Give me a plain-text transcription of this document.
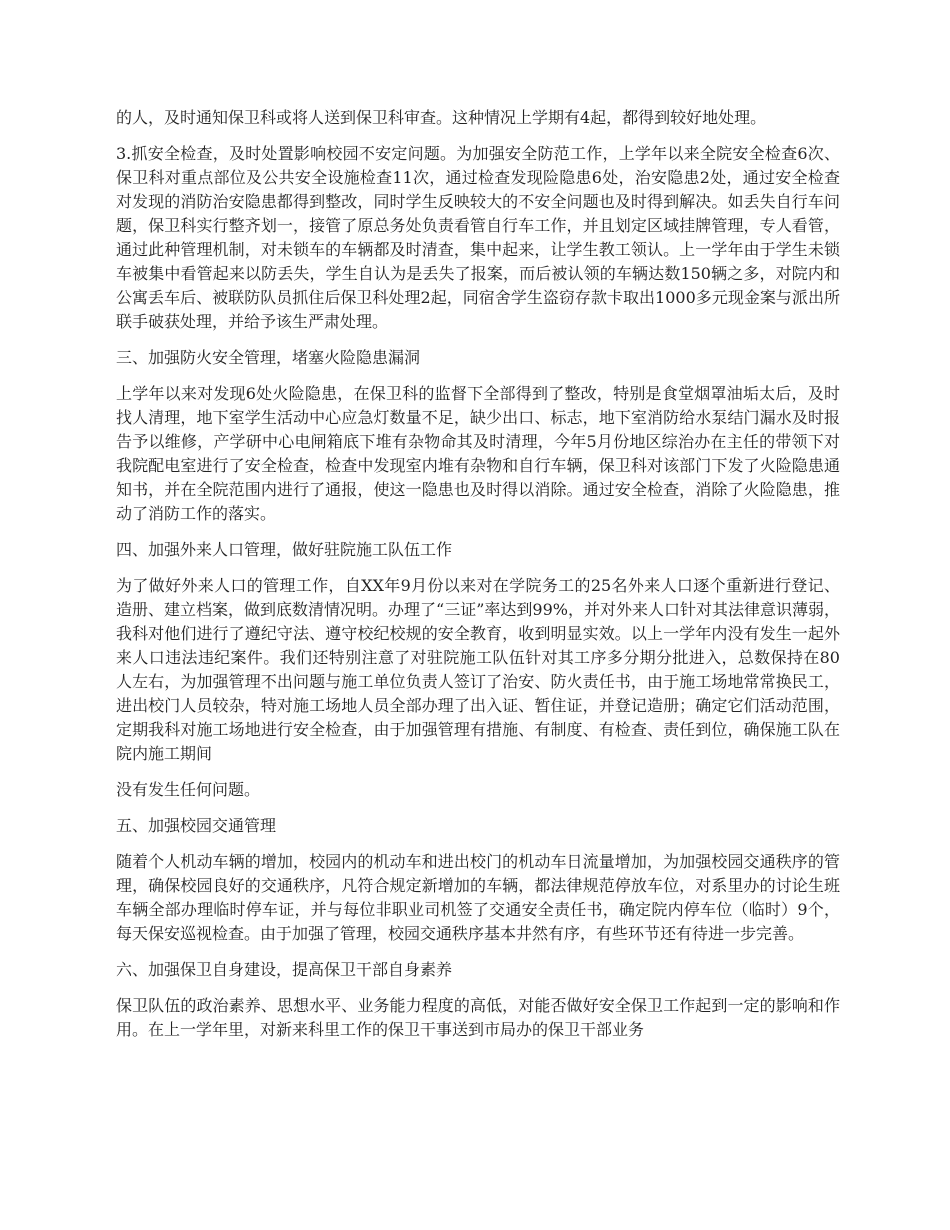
的人，及时通知保卫科或将人送到保卫科审查。这种情况上学期有4起，都得到较好地处理。

3.抓安全检查，及时处置影响校园不安定问题。为加强安全防范工作，上学年以来全院安全检查6次、保卫科对重点部位及公共安全设施检查11次，通过检查发现险隐患6处，治安隐患2处，通过安全检查对发现的消防治安隐患都得到整改，同时学生反映较大的不安全问题也及时得到解决。如丢失自行车问题，保卫科实行整齐划一，接管了原总务处负责看管自行车工作，并且划定区域挂牌管理，专人看管，通过此种管理机制，对未锁车的车辆都及时清查，集中起来，让学生教工领认。上一学年由于学生未锁车被集中看管起来以防丢失，学生自认为是丢失了报案，而后被认领的车辆达数150辆之多，对院内和公寓丢车后、被联防队员抓住后保卫科处理2起，同宿舍学生盗窃存款卡取出1000多元现金案与派出所联手破获处理，并给予该生严肃处理。

三、加强防火安全管理，堵塞火险隐患漏洞

上学年以来对发现6处火险隐患，在保卫科的监督下全部得到了整改，特别是食堂烟罩油垢太后，及时找人清理，地下室学生活动中心应急灯数量不足，缺少出口、标志，地下室消防给水泵结门漏水及时报告予以维修，产学研中心电闸箱底下堆有杂物命其及时清理，今年5月份地区综治办在主任的带领下对我院配电室进行了安全检查，检查中发现室内堆有杂物和自行车辆，保卫科对该部门下发了火险隐患通知书，并在全院范围内进行了通报，使这一隐患也及时得以消除。通过安全检查，消除了火险隐患，推动了消防工作的落实。

四、加强外来人口管理，做好驻院施工队伍工作

为了做好外来人口的管理工作，自XX年9月份以来对在学院务工的25名外来人口逐个重新进行登记、造册、建立档案，做到底数清情况明。办理了“三证”率达到99%，并对外来人口针对其法律意识薄弱，我科对他们进行了遵纪守法、遵守校纪校规的安全教育，收到明显实效。以上一学年内没有发生一起外来人口违法违纪案件。我们还特别注意了对驻院施工队伍针对其工序多分期分批进入，总数保持在80人左右，为加强管理不出问题与施工单位负责人签订了治安、防火责任书，由于施工场地常常换民工，进出校门人员较杂，特对施工场地人员全部办理了出入证、暂住证，并登记造册；确定它们活动范围，定期我科对施工场地进行安全检查，由于加强管理有措施、有制度、有检查、责任到位，确保施工队在院内施工期间

没有发生任何问题。

五、加强校园交通管理

随着个人机动车辆的增加，校园内的机动车和进出校门的机动车日流量增加，为加强校园交通秩序的管理，确保校园良好的交通秩序，凡符合规定新增加的车辆，都法律规范停放车位，对系里办的讨论生班车辆全部办理临时停车证，并与每位非职业司机签了交通安全责任书，确定院内停车位（临时）9个，每天保安巡视检查。由于加强了管理，校园交通秩序基本井然有序，有些环节还有待进一步完善。

六、加强保卫自身建设，提高保卫干部自身素养

保卫队伍的政治素养、思想水平、业务能力程度的高低，对能否做好安全保卫工作起到一定的影响和作用。在上一学年里，对新来科里工作的保卫干事送到市局办的保卫干部业务
